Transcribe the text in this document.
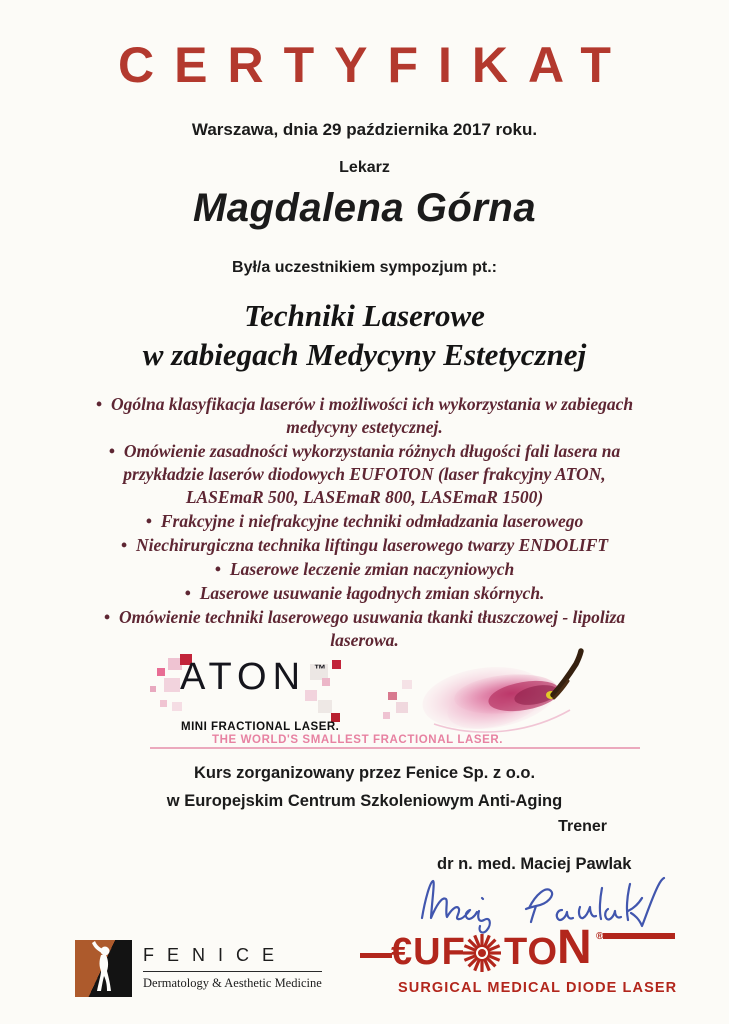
CERTYFIKAT
Warszawa, dnia 29 października 2017 roku.
Lekarz
Magdalena Górna
Był/a uczestnikiem sympozjum pt.:
Techniki Laserowe
w zabiegach Medycyny Estetycznej
• Ogólna klasyfikacja laserów i możliwości ich wykorzystania w zabiegach medycyny estetycznej.
• Omówienie zasadności wykorzystania różnych długości fali lasera na przykładzie laserów diodowych EUFOTON (laser frakcyjny ATON, LASEmaR 500, LASEmaR 800, LASEmaR 1500)
• Frakcyjne i niefrakcyjne techniki odmładzania laserowego
• Niechirurgiczna technika liftingu laserowego twarzy ENDOLIFT
• Laserowe leczenie zmian naczyniowych
• Laserowe usuwanie łagodnych zmian skórnych.
• Omówienie techniki laserowego usuwania tkanki tłuszczowej - lipoliza laserowa.
ATON ™
MINI FRACTIONAL LASER.
THE WORLD'S SMALLEST FRACTIONAL LASER.
Kurs zorganizowany przez Fenice Sp. z o.o.
w Europejskim Centrum Szkoleniowym Anti-Aging
Trener
dr n. med. Maciej Pawlak
FENICE
Dermatology & Aesthetic Medicine
€UF TO
N ®
SURGICAL MEDICAL DIODE LASER
